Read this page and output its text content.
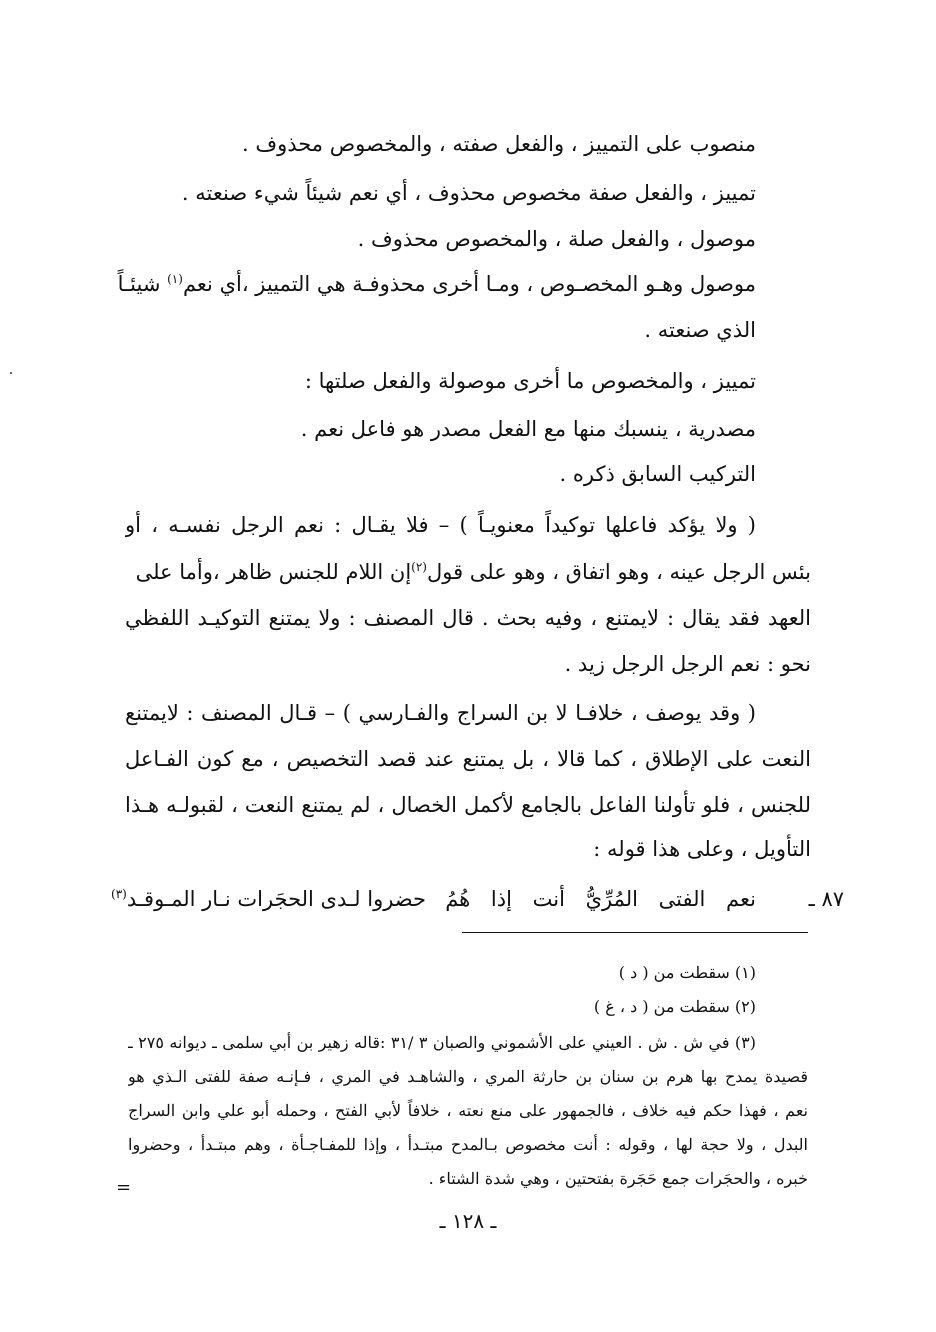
منصوب على التمييز ، والفعل صفته ، والمخصوص محذوف .
تمييز ، والفعل صفة مخصوص محذوف ، أي نعم شيئاً شيء صنعته .
موصول ، والفعل صلة ، والمخصوص محذوف .
موصول وهـو المخصـوص ، ومـا أخرى محذوفـة هي التمييز ،أي نعم$^{(١)}$ شيئـاً
الذي صنعته .
تمييز ، والمخصوص ما أخرى موصولة والفعل صلتها :
مصدرية ، ينسبك منها مع الفعل مصدر هو فاعل نعم .
التركيب السابق ذكره .
( ولا يؤكد فاعلها توكيداً معنويـاً ) – فلا يقـال : نعم الرجل نفسـه ، أو
بئس الرجل عينه ، وهو اتفاق ، وهو على قول$^{(٢)}$إن اللام للجنس ظاهر ،وأما على
العهد فقد يقال : لايمتنع ، وفيه بحث . قال المصنف : ولا يمتنع التوكيـد اللفظي
نحو : نعم الرجل الرجل زيد .
( وقد يوصف ، خلافـا لا بن السراج والفـارسي ) – قـال المصنف : لايمتنع
النعت على الإطلاق ، كما قالا ، بل يمتنع عند قصد التخصيص ، مع كون الفـاعل
للجنس ، فلو تأولنا الفاعل بالجامع لأكمل الخصال ، لم يمتنع النعت ، لقبولـه هـذا
التأويل ، وعلى هذا قوله :
٨٧ ـ
نعم الفتى المُرِّيُّ أنت إذا هُمُ
حضروا لـدى الحجَرات نـار المـوقـد$^{(٣)}$
(١) سقطت من ( د )
(٢) سقطت من ( د ، غ )
(٣) في ش . ش . العيني على الأشموني والصبان ٣ /٣١ :قاله زهير بن أبي سلمى ـ ديوانه ٢٧٥ ـ
قصيدة يمدح بها هرم بن سنان بن حارثة المري ، والشاهـد في المري ، فـإنـه صفة للفتى الـذي هو
نعم ، فهذا حكم فيه خلاف ، فالجمهور على منع نعته ، خلافاً لأبي الفتح ، وحمله أبو علي وابن السراج
البدل ، ولا حجة لها ، وقوله : أنت مخصوص بـالمدح مبتـدأ ، وإذا للمفـاجـأة ، وهم مبتـدأ ، وحضروا
خبره ، والحجَرات جمع حَجَرة بفتحتين ، وهي شدة الشتاء .
=
ـ ١٢٨ ـ
